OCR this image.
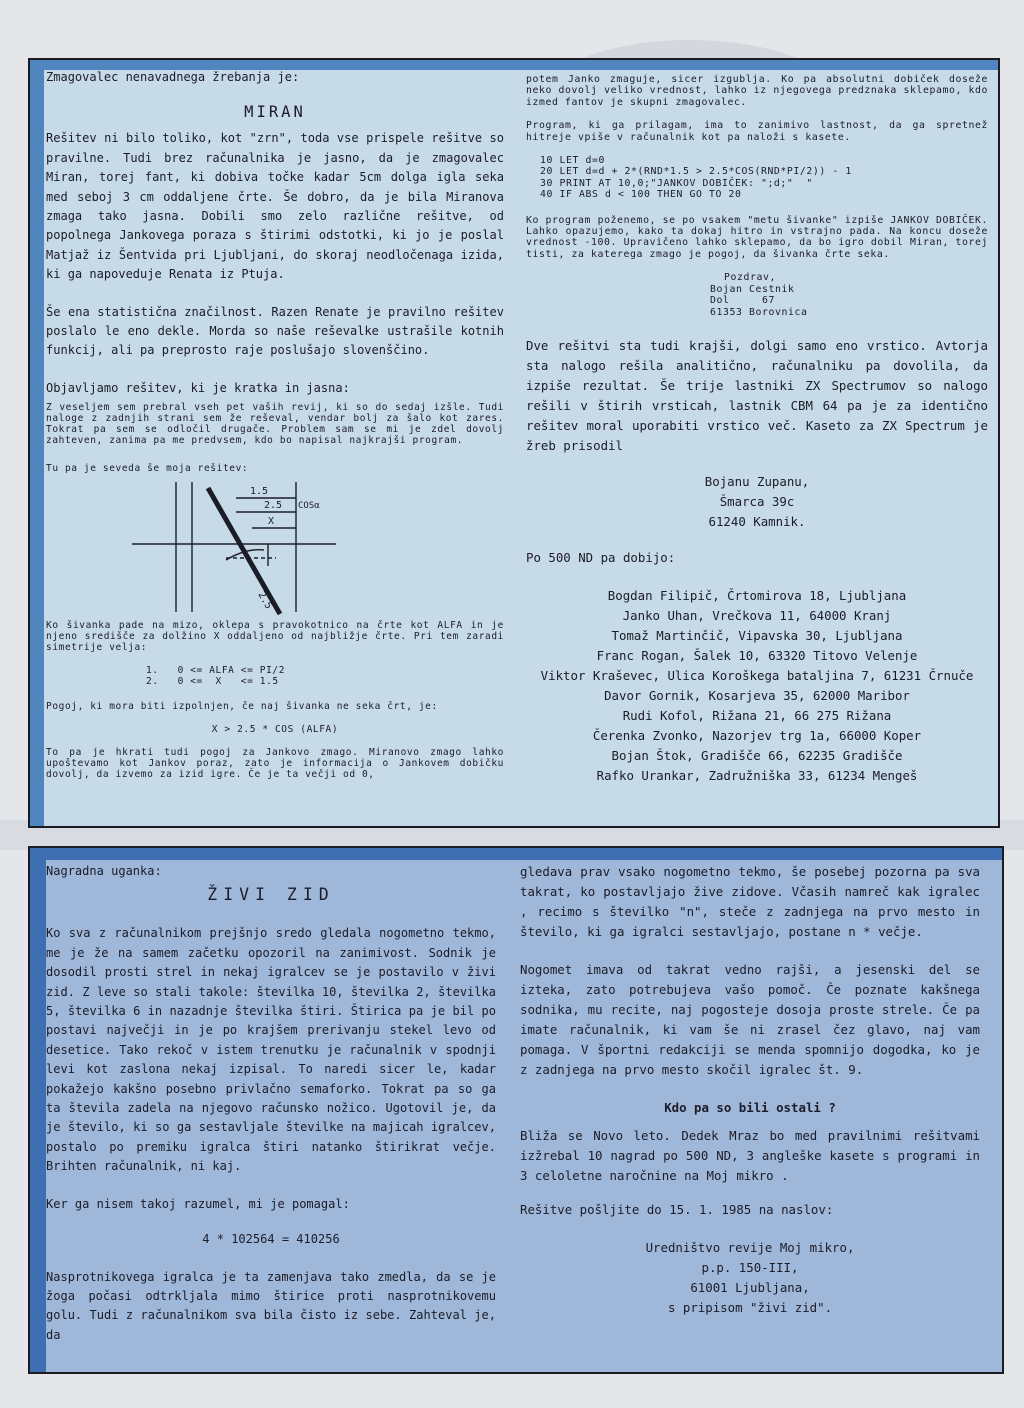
Zmagovalec nenavadnega žrebanja je:
MIRAN
Rešitev ni bilo toliko, kot "zrn", toda vse prispele rešitve so pravilne. Tudi brez računalnika je jasno, da je zmagovalec Miran, torej fant, ki dobiva točke kadar 5cm dolga igla seka med seboj 3 cm oddaljene črte. Še dobro, da je bila Miranova zmaga tako jasna. Dobili smo zelo različne rešitve, od popolnega Jankovega poraza s štirimi odstotki, ki jo je poslal Matjaž iz Šentvida pri Ljubljani, do skoraj neodločenaga izida, ki ga napoveduje Renata iz Ptuja.
Še ena statistična značilnost. Razen Renate je pravilno rešitev poslalo le eno dekle. Morda so naše reševalke ustrašile kotnih funkcij, ali pa preprosto raje poslušajo slovenščino.
Objavljamo rešitev, ki je kratka in jasna:
Z veseljem sem prebral vseh pet vaših revij, ki so do sedaj izšle. Tudi naloge z zadnjih strani sem že reševal, vendar bolj za šalo kot zares. Tokrat pa sem se odločil drugače. Problem sam se mi je zdel dovolj zahteven, zanima pa me predvsem, kdo bo napisal najkrajši program.
Tu pa je seveda še moja rešitev:
1.5
2.5 COSα
X
2.5
Ko šivanka pade na mizo, oklepa s pravokotnico na črte kot ALFA in je njeno središče za dolžino X oddaljeno od najbližje črte. Pri tem zaradi simetrije velja:
1.   0 <= ALFA <= PI/2
2.   0 <=  X   <= 1.5
Pogoj, ki mora biti izpolnjen, če naj šivanka ne seka črt, je:
X > 2.5 * COS (ALFA)
To pa je hkrati tudi pogoj za Jankovo zmago. Miranovo zmago lahko upoštevamo kot Jankov poraz, zato je informacija o Jankovem dobičku dovolj, da izvemo za izid igre. Če je ta večji od 0,
potem Janko zmaguje, sicer izgublja. Ko pa absolutni dobiček doseže neko dovolj veliko vrednost, lahko iz njegovega predznaka sklepamo, kdo izmed fantov je skupni zmagovalec.
Program, ki ga prilagam, ima to zanimivo lastnost, da ga spretnež hitreje vpiše v računalnik kot pa naloži s kasete.
10 LET d=0
20 LET d=d + 2*(RND*1.5 > 2.5*COS(RND*PI/2)) - 1
30 PRINT AT 10,0;"JANKOV DOBIČEK: ";d;"  "
40 IF ABS d < 100 THEN GO TO 20
Ko program poženemo, se po vsakem "metu šivanke" izpiše JANKOV DOBIČEK. Lahko opazujemo, kako ta dokaj hitro in vstrajno pada. Na koncu doseže vrednost -100. Upravičeno lahko sklepamo, da bo igro dobil Miran, torej tisti, za katerega zmago je pogoj, da šivanka črte seka.
Pozdrav,
Bojan Cestnik
Dol     67
61353 Borovnica
Dve rešitvi sta tudi krajši, dolgi samo eno vrstico. Avtorja sta nalogo rešila analitično, računalniku pa dovolila, da izpiše rezultat. Še trije lastniki ZX Spectrumov so nalogo rešili v štirih vrsticah, lastnik CBM 64 pa je za identično rešitev moral uporabiti vrstico več. Kaseto za ZX Spectrum je žreb prisodil
Bojanu Zupanu,
Šmarca 39c
61240 Kamnik.
Po 500 ND pa dobijo:
Bogdan Filipič, Črtomirova 18, Ljubljana
Janko Uhan, Vrečkova 11, 64000 Kranj
Tomaž Martinčič, Vipavska 30, Ljubljana
Franc Rogan, Šalek 10, 63320 Titovo Velenje
Viktor Kraševec, Ulica Koroškega bataljina 7, 61231 Črnuče
Davor Gornik, Kosarjeva 35, 62000 Maribor
Rudi Kofol, Rižana 21, 66 275 Rižana
Čerenka Zvonko, Nazorjev trg 1a, 66000 Koper
Bojan Štok, Gradišče 66, 62235 Gradišče
Rafko Urankar, Zadružniška 33, 61234 Mengeš
Nagradna uganka:
ŽIVI ZID
Ko sva z računalnikom prejšnjo sredo gledala nogometno tekmo, me je že na samem začetku opozoril na zanimivost. Sodnik je dosodil prosti strel in nekaj igralcev se je postavilo v živi zid. Z leve so stali takole: številka 10, številka 2, številka 5, številka 6 in nazadnje številka štiri. Štirica pa je bil po postavi največji in je po krajšem prerivanju stekel levo od desetice. Tako rekoč v istem trenutku je računalnik v spodnji levi kot zaslona nekaj izpisal. To naredi sicer le, kadar pokažejo kakšno posebno privlačno semaforko. Tokrat pa so ga ta števila zadela na njegovo računsko nožico. Ugotovil je, da je število, ki so ga sestavljale številke na majicah igralcev, postalo po premiku igralca štiri natanko štirikrat večje. Brihten računalnik, ni kaj.
Ker ga nisem takoj razumel, mi je pomagal:
4 * 102564 = 410256
Nasprotnikovega igralca je ta zamenjava tako zmedla, da se je žoga počasi odtrkljala mimo štirice proti nasprotnikovemu golu. Tudi z računalnikom sva bila čisto iz sebe. Zahteval je, da
gledava prav vsako nogometno tekmo, še posebej pozorna pa sva takrat, ko postavljajo žive zidove. Včasih namreč kak igralec , recimo s številko "n", steče z zadnjega na prvo mesto in število, ki ga igralci sestavljajo, postane n * večje.
Nogomet imava od takrat vedno rajši, a jesenski del se izteka, zato potrebujeva vašo pomoč. Če poznate kakšnega sodnika, mu recite, naj pogosteje dosoja proste strele. Če pa imate računalnik, ki vam še ni zrasel čez glavo, naj vam pomaga. V športni redakciji se menda spomnijo dogodka, ko je z zadnjega na prvo mesto skočil igralec št. 9.
Kdo pa so bili ostali ?
Bliža se Novo leto. Dedek Mraz bo med pravilnimi rešitvami izžrebal 10 nagrad po 500 ND, 3 angleške kasete s programi in 3 celoletne naročnine na Moj mikro .
Rešitve pošljite do 15. 1. 1985 na naslov:
Uredništvo revije Moj mikro,
p.p. 150-III,
61001 Ljubljana,
s pripisom "živi zid".
